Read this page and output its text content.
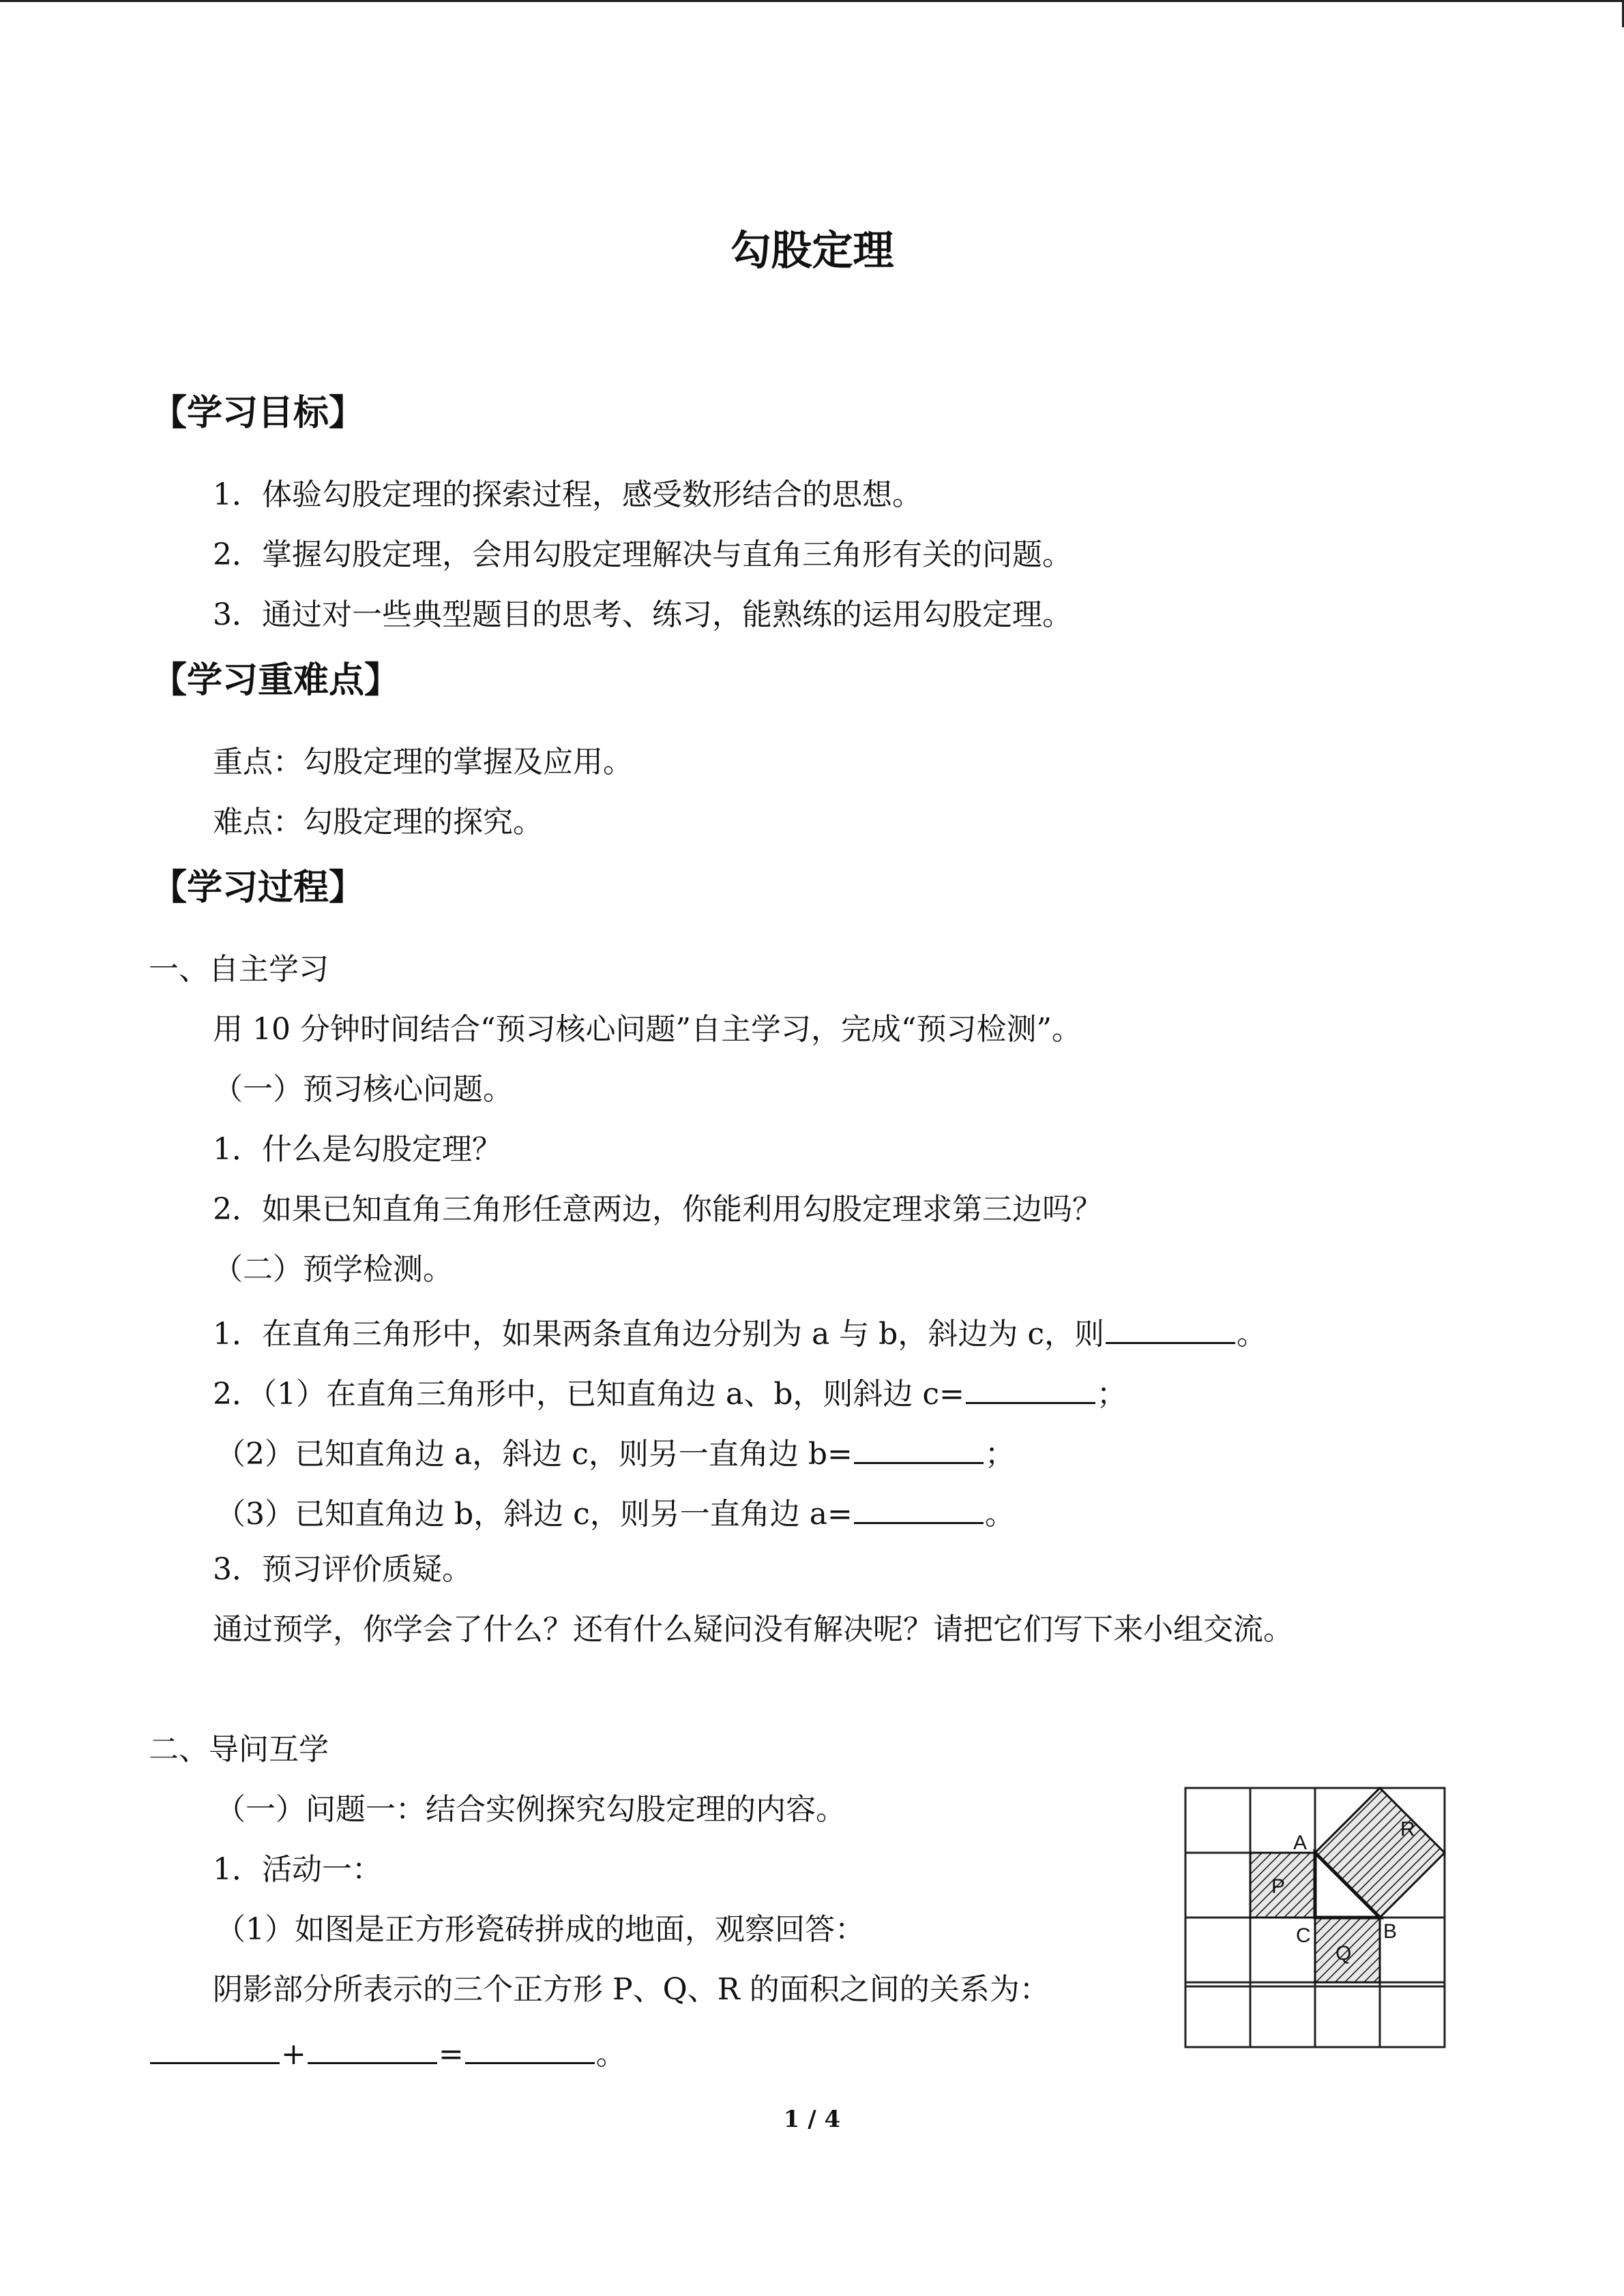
勾股定理
【学习目标】
1．体验勾股定理的探索过程，感受数形结合的思想。
2．掌握勾股定理，会用勾股定理解决与直角三角形有关的问题。
3．通过对一些典型题目的思考、练习，能熟练的运用勾股定理。
【学习重难点】
重点：勾股定理的掌握及应用。
难点：勾股定理的探究。
【学习过程】
一、自主学习
用 10 分钟时间结合“预习核心问题”自主学习，完成“预习检测”。
（一）预习核心问题。
1．什么是勾股定理？
2．如果已知直角三角形任意两边，你能利用勾股定理求第三边吗？
（二）预学检测。
1．在直角三角形中，如果两条直角边分别为 a 与 b，斜边为 c，则	。
2．（1）在直角三角形中，已知直角边 a、b，则斜边 c=	；
（2）已知直角边 a，斜边 c，则另一直角边 b=	；
（3）已知直角边 b，斜边 c，则另一直角边 a=	。
3．预习评价质疑。
通过预学，你学会了什么？还有什么疑问没有解决呢？请把它们写下来小组交流。
二、导问互学
（一）问题一：结合实例探究勾股定理的内容。
1．活动一：
（1）如图是正方形瓷砖拼成的地面，观察回答：
阴影部分所表示的三个正方形 P、Q、R 的面积之间的关系为：
+	=	。
A
C	B
P
Q
R
1 / 4
